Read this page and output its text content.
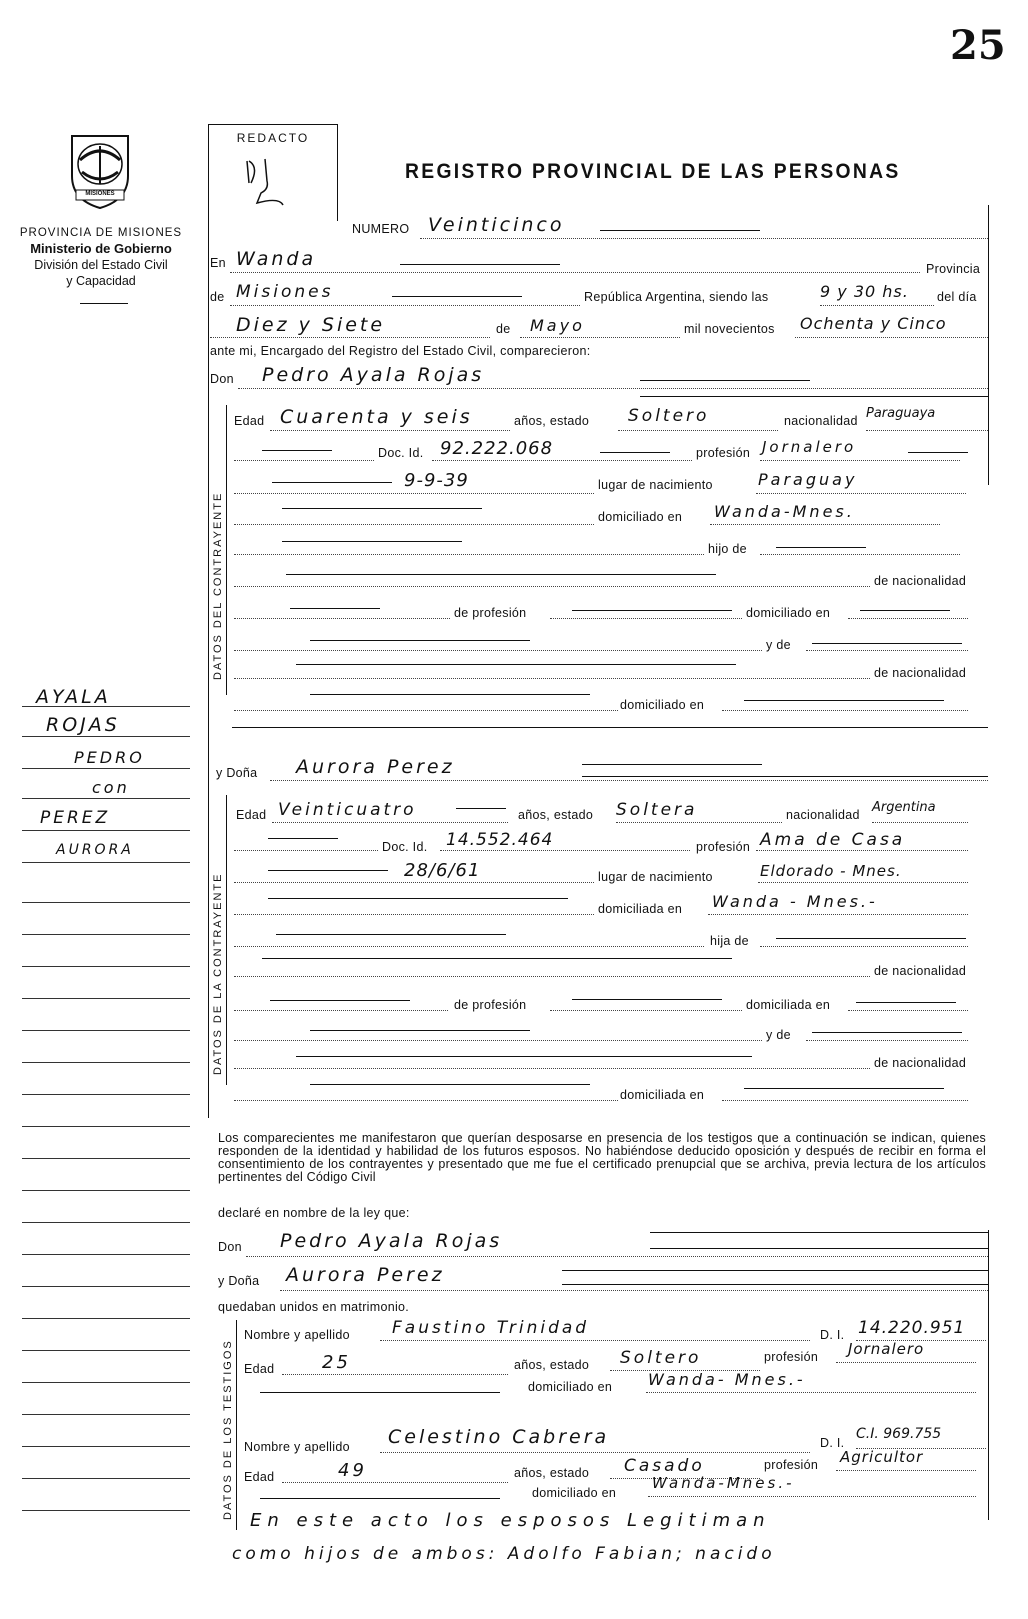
25
MISIONES
PROVINCIA DE MISIONES
Ministerio de Gobierno
División del Estado Civil
y Capacidad
REDACTO
REGISTRO PROVINCIAL DE LAS PERSONAS
NUMERO Veinticinco
En Wanda	Provincia
de Misiones	República Argentina, siendo las	9 y 30 hs. del día
Diez y Siete	de Mayo	mil novecientos Ochenta y Cinco
ante mi, Encargado del Registro del Estado Civil, comparecieron:
Don Pedro Ayala Rojas
DATOS DEL CONTRAYENTE
Edad Cuarenta y seis	años, estado Soltero	nacionalidad Paraguaya
Doc. Id. 92.222.068	profesión Jornalero
9-9-39	lugar de nacimiento	Paraguay
domiciliado en Wanda-Mnes.
hijo de
de nacionalidad
de profesión	domiciliado en
y de
de nacionalidad
domiciliado en
y Doña Aurora Perez
DATOS DE LA CONTRAYENTE
Edad Veinticuatro	años, estado Soltera	nacionalidad Argentina
Doc. Id. 14.552.464	profesión Ama de Casa
28/6/61	lugar de nacimiento	Eldorado - Mnes.
domiciliada en Wanda - Mnes.-
hija de
de nacionalidad
de profesión	domiciliada en
y de
de nacionalidad
domiciliada en
AYALA
ROJAS
PEDRO
con
PEREZ
AURORA
Los comparecientes me manifestaron que querían desposarse en presencia de los testigos que a continuación se indican, quienes responden de la identidad y habilidad de los futuros esposos. No habiéndose deducido oposición y después de recibir en forma el consentimiento de los contrayentes y presentado que me fue el certificado prenupcial que se archiva, previa lectura de los artículos pertinentes del Código Civil
declaré en nombre de la ley que:
Don Pedro Ayala Rojas
y Doña Aurora Perez
quedaban unidos en matrimonio.
DATOS DE LOS TESTIGOS
Nombre y apellido Faustino Trinidad	D. I. 14.220.951
Edad	25	años, estado Soltero	profesión Jornalero
domiciliado en Wanda- Mnes.-
Nombre y apellido Celestino Cabrera	D. I.
C.I. 969.755
Edad	49	años, estado Casado	profesión Agricultor
domiciliado en
Wanda-Mnes.-
En este acto los esposos Legitiman
como hijos de ambos: Adolfo Fabian; nacido
